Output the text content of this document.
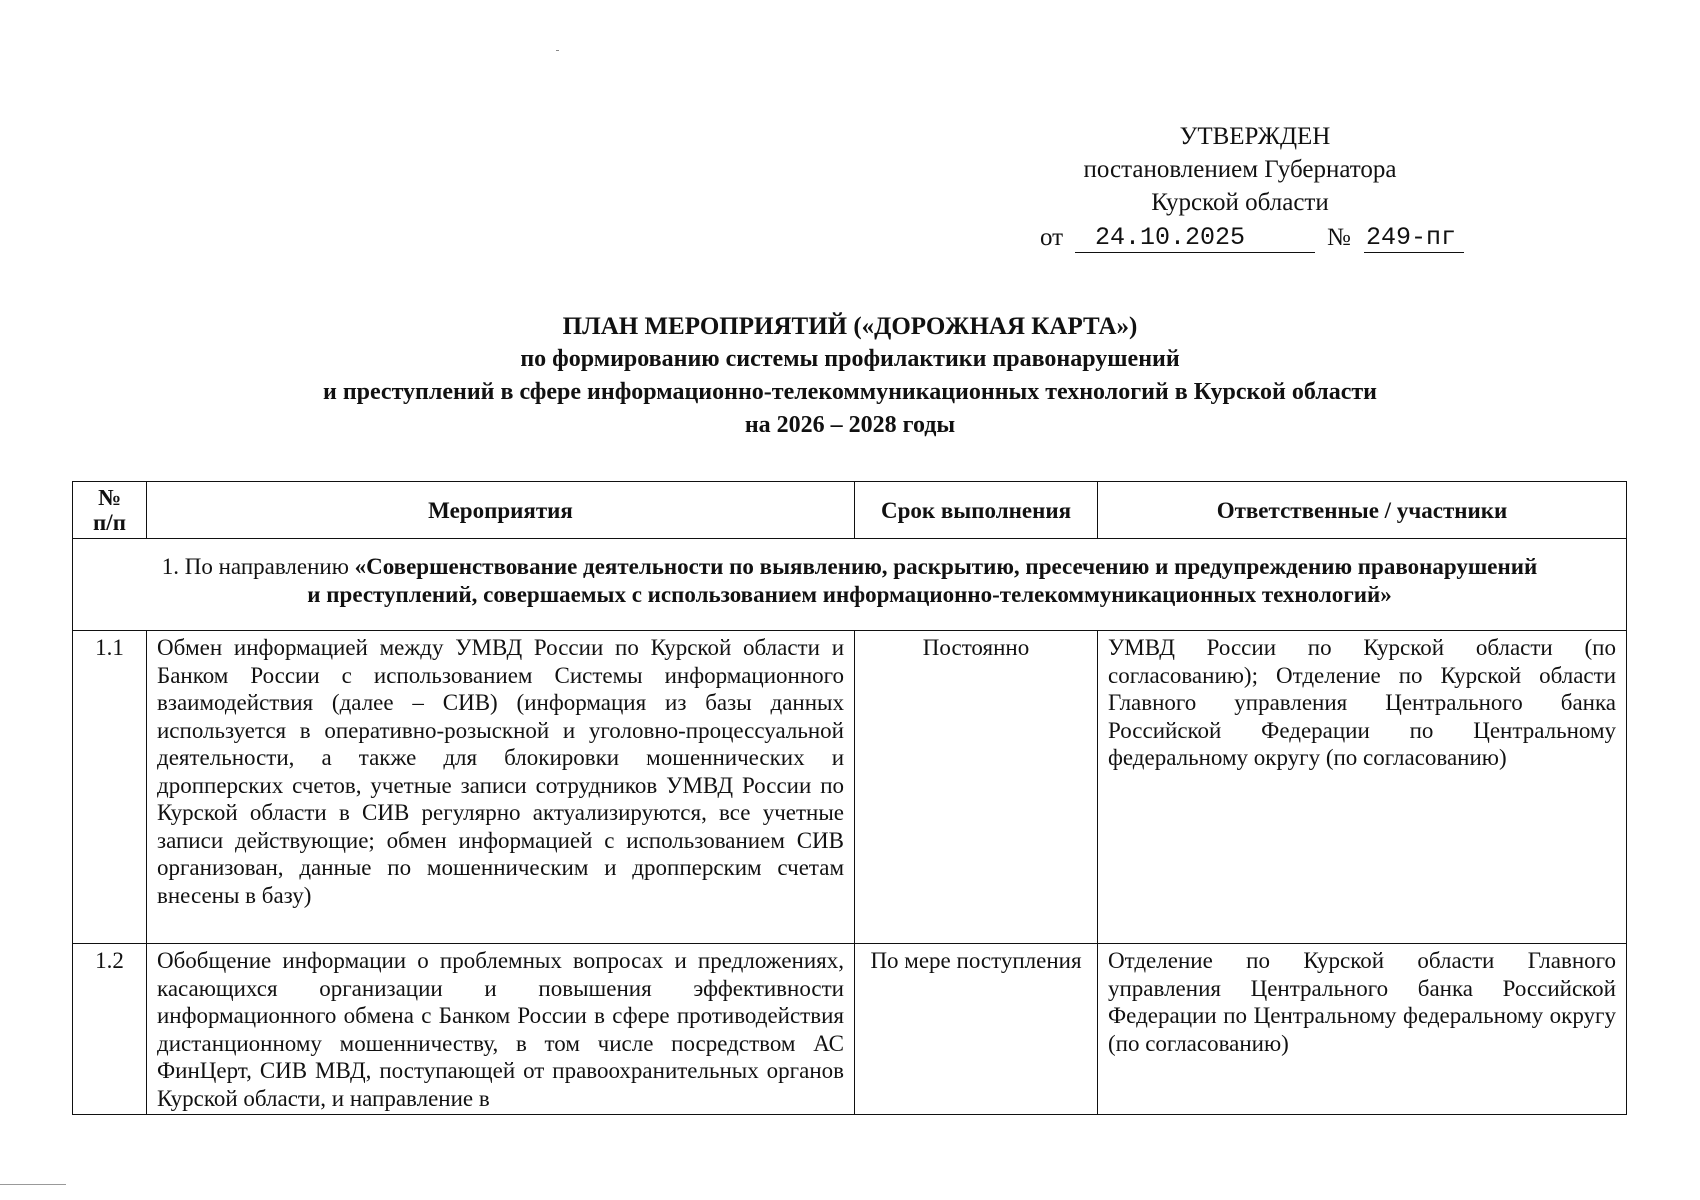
УТВЕРЖДЕН
постановлением Губернатора
Курской области
от	24.10.2025	№ 249-пг
ПЛАН МЕРОПРИЯТИЙ («ДОРОЖНАЯ КАРТА»)
по формированию системы профилактики правонарушений
и преступлений в сфере информационно-телекоммуникационных технологий в Курской области
на 2026 – 2028 годы
№
п/п	Мероприятия	Срок выполнения	Ответственные / участники
1. По направлению «Совершенствование деятельности по выявлению, раскрытию, пресечению и предупреждению правонарушений
и преступлений, совершаемых с использованием информационно-телекоммуникационных технологий»			
1.1	Обмен информацией между УМВД России по Курской области и Банком России с использованием Системы информационного взаимодействия (далее – СИВ) (информация из базы данных используется в оперативно-розыскной и уголовно-процессуальной деятельности, а также для блокировки мошеннических и дропперских счетов, учетные записи сотрудников УМВД России по Курской области в СИВ регулярно актуализируются, все учетные записи действующие; обмен информацией с использованием СИВ организован, данные по мошенническим и дропперским счетам внесены в базу)	Постоянно	УМВД России по Курской области (по согласованию); Отделение по Курской области Главного управления Центрального банка Российской Федерации по Центральному федеральному округу (по согласованию)
1.2	Обобщение информации о проблемных вопросах и предложениях, касающихся организации и повышения эффективности информационного обмена с Банком России в сфере противодействия дистанционному мошенничеству, в том числе посредством АС ФинЦерт, СИВ МВД, поступающей от правоохранительных органов Курской области, и направление в	По мере поступления	Отделение по Курской области Главного управления Центрального банка Российской Федерации по Центральному федеральному округу (по согласованию)
